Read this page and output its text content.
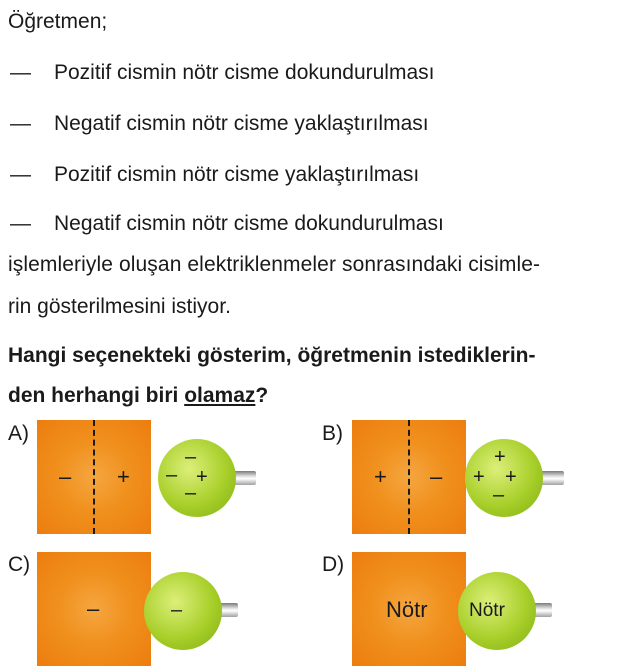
Öğretmen;
— Pozitif cismin nötr cisme dokundurulması
— Negatif cismin nötr cisme yaklaştırılması
— Pozitif cismin nötr cisme yaklaştırılması
— Negatif cismin nötr cisme dokundurulması
işlemleriyle oluşan elektriklenmeler sonrasındaki cisimle-
rin gösterilmesini istiyor.
Hangi seçenekteki gösterim, öğretmenin istediklerin-
den herhangi biri olamaz?
A)
– +
–
–
–
+
B)
+ –
+
+ +
–
C)
–	–
D)
Nötr Nötr
